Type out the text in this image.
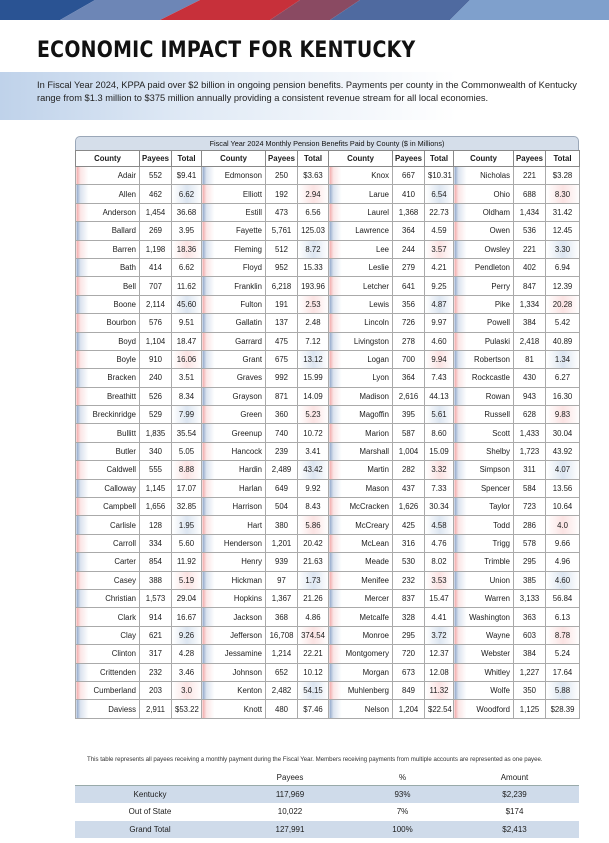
ECONOMIC IMPACT FOR KENTUCKY

In Fiscal Year 2024, KPPA paid over $2 billion in ongoing pension benefits. Payments per county in the Commonwealth of Kentucky range from $1.3 million to $375 million annually providing a consistent revenue stream for all local economies.

Fiscal Year 2024 Monthly Pension Benefits Paid by County ($ in Millions)
County	Payees	Total	County	Payees	Total	County	Payees	Total	County	Payees	Total
Adair	552	$9.41	Edmonson	250	$3.63	Knox	667	$10.31	Nicholas	221	$3.28
Allen	462	6.62	Elliott	192	2.94	Larue	410	6.54	Ohio	688	8.30
Anderson	1,454	36.68	Estill	473	6.56	Laurel	1,368	22.73	Oldham	1,434	31.42
Ballard	269	3.95	Fayette	5,761	125.03	Lawrence	364	4.59	Owen	536	12.45
Barren	1,198	18.36	Fleming	512	8.72	Lee	244	3.57	Owsley	221	3.30
Bath	414	6.62	Floyd	952	15.33	Leslie	279	4.21	Pendleton	402	6.94
Bell	707	11.62	Franklin	6,218	193.96	Letcher	641	9.25	Perry	847	12.39
Boone	2,114	45.60	Fulton	191	2.53	Lewis	356	4.87	Pike	1,334	20.28
Bourbon	576	9.51	Gallatin	137	2.48	Lincoln	726	9.97	Powell	384	5.42
Boyd	1,104	18.47	Garrard	475	7.12	Livingston	278	4.60	Pulaski	2,418	40.89
Boyle	910	16.06	Grant	675	13.12	Logan	700	9.94	Robertson	81	1.34
Bracken	240	3.51	Graves	992	15.99	Lyon	364	7.43	Rockcastle	430	6.27
Breathitt	526	8.34	Grayson	871	14.09	Madison	2,616	44.13	Rowan	943	16.30
Breckinridge	529	7.99	Green	360	5.23	Magoffin	395	5.61	Russell	628	9.83
Bullitt	1,835	35.54	Greenup	740	10.72	Marion	587	8.60	Scott	1,433	30.04
Butler	340	5.05	Hancock	239	3.41	Marshall	1,004	15.09	Shelby	1,723	43.92
Caldwell	555	8.88	Hardin	2,489	43.42	Martin	282	3.32	Simpson	311	4.07
Calloway	1,145	17.07	Harlan	649	9.92	Mason	437	7.33	Spencer	584	13.56
Campbell	1,656	32.85	Harrison	504	8.43	McCracken	1,626	30.34	Taylor	723	10.64
Carlisle	128	1.95	Hart	380	5.86	McCreary	425	4.58	Todd	286	4.0
Carroll	334	5.60	Henderson	1,201	20.42	McLean	316	4.76	Trigg	578	9.66
Carter	854	11.92	Henry	939	21.63	Meade	530	8.02	Trimble	295	4.96
Casey	388	5.19	Hickman	97	1.73	Menifee	232	3.53	Union	385	4.60
Christian	1,573	29.04	Hopkins	1,367	21.26	Mercer	837	15.47	Warren	3,133	56.84
Clark	914	16.67	Jackson	368	4.86	Metcalfe	328	4.41	Washington	363	6.13
Clay	621	9.26	Jefferson	16,708	374.54	Monroe	295	3.72	Wayne	603	8.78
Clinton	317	4.28	Jessamine	1,214	22.21	Montgomery	720	12.37	Webster	384	5.24
Crittenden	232	3.46	Johnson	652	10.12	Morgan	673	12.08	Whitley	1,227	17.64
Cumberland	203	3.0	Kenton	2,482	54.15	Muhlenberg	849	11.32	Wolfe	350	5.88
Daviess	2,911	$53.22	Knott	480	$7.46	Nelson	1,204	$22.54	Woodford	1,125	$28.39
This table represents all payees receiving a monthly payment during the Fiscal Year. Members receiving payments from multiple accounts are represented as one payee.
	Payees	%	Amount
Kentucky	117,969	93%	$2,239
Out of State	10,022	7%	$174
Grand Total	127,991	100%	$2,413
